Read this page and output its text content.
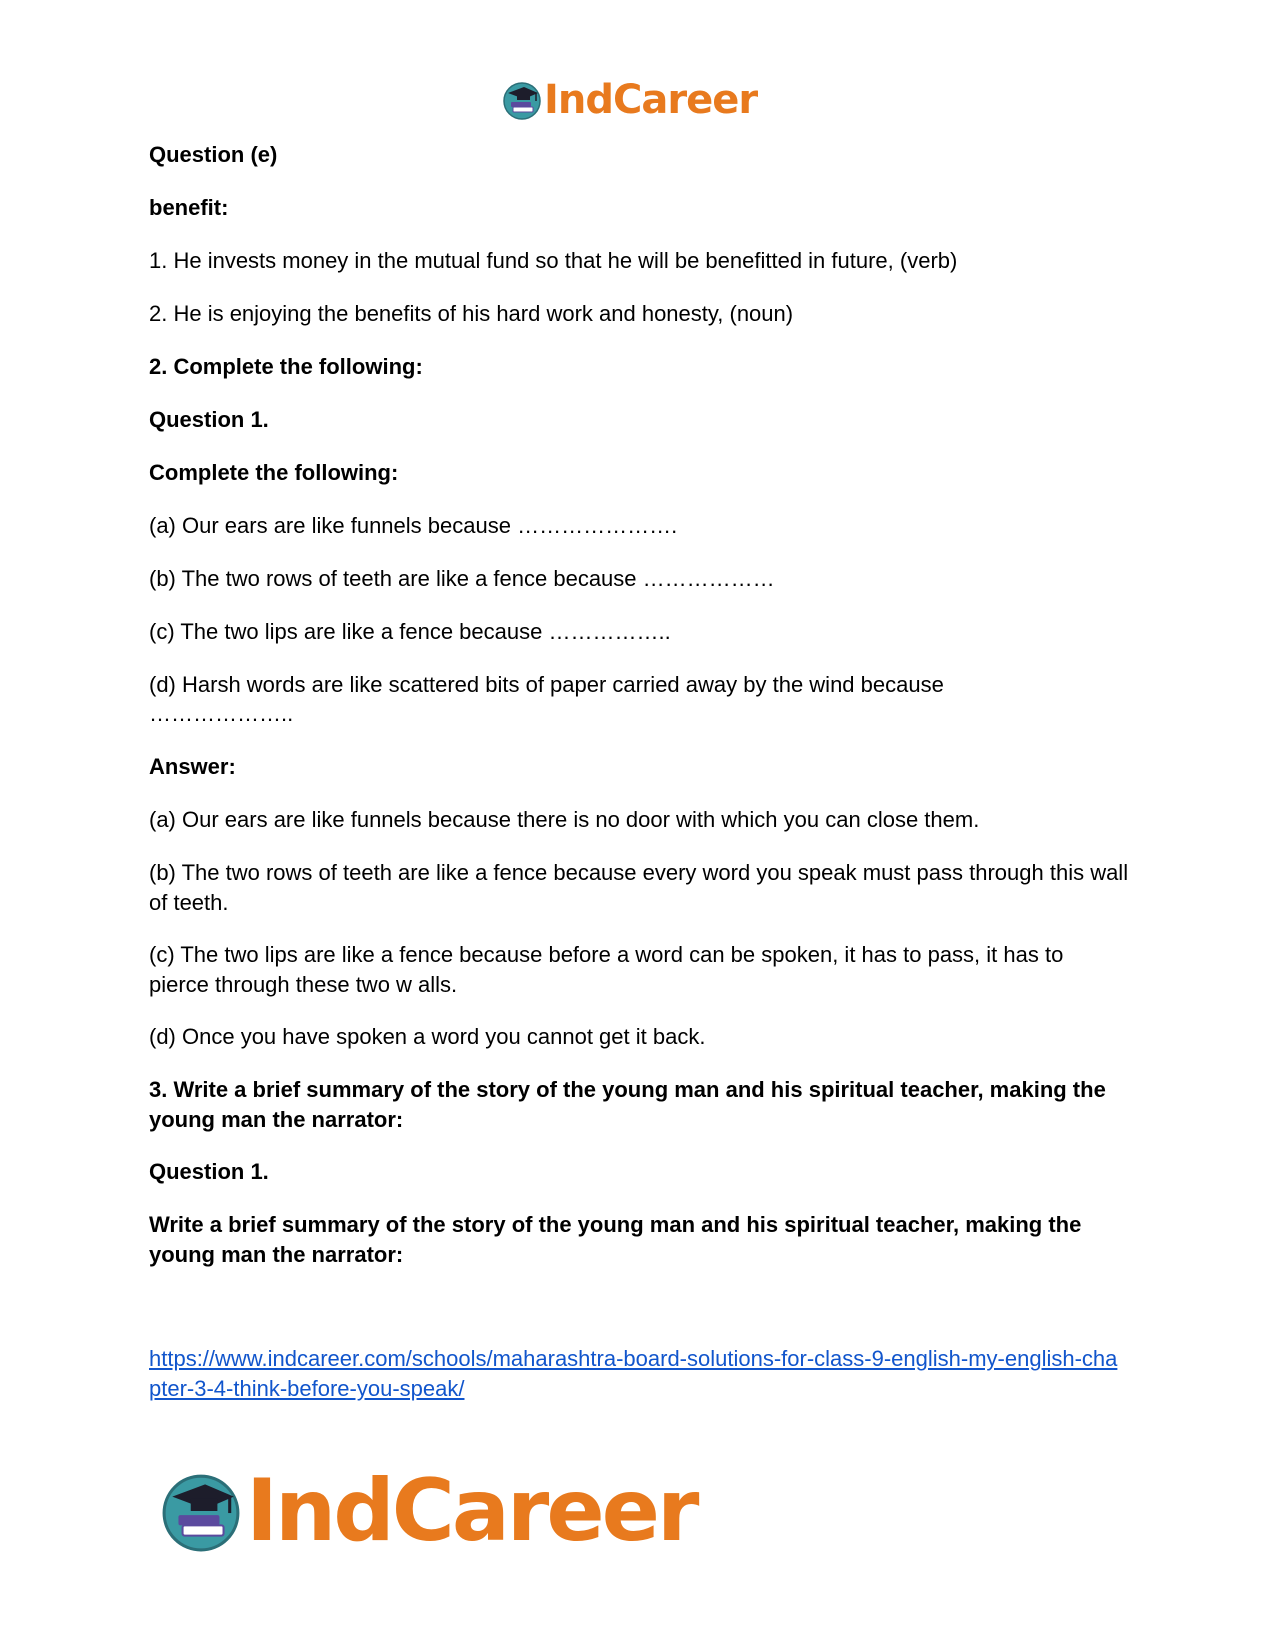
IndCareer
Question (e)
benefit:
1. He invests money in the mutual fund so that he will be benefitted in future, (verb)
2. He is enjoying the benefits of his hard work and honesty, (noun)
2. Complete the following:
Question 1.
Complete the following:
(a) Our ears are like funnels because ………………….
(b) The two rows of teeth are like a fence because ………………
(c) The two lips are like a fence because ……………..
(d) Harsh words are like scattered bits of paper carried away by the wind because
………………..
Answer:
(a) Our ears are like funnels because there is no door with which you can close them.
(b) The two rows of teeth are like a fence because every word you speak must pass through this wall of teeth.
(c) The two lips are like a fence because before a word can be spoken, it has to pass, it has to pierce through these two w alls.
(d) Once you have spoken a word you cannot get it back.
3. Write a brief summary of the story of the young man and his spiritual teacher, making the young man the narrator:
Question 1.
Write a brief summary of the story of the young man and his spiritual teacher, making the young man the narrator:
https://www.indcareer.com/schools/maharashtra-board-solutions-for-class-9-english-my-english-chapter-3-4-think-before-you-speak/
IndCareer
